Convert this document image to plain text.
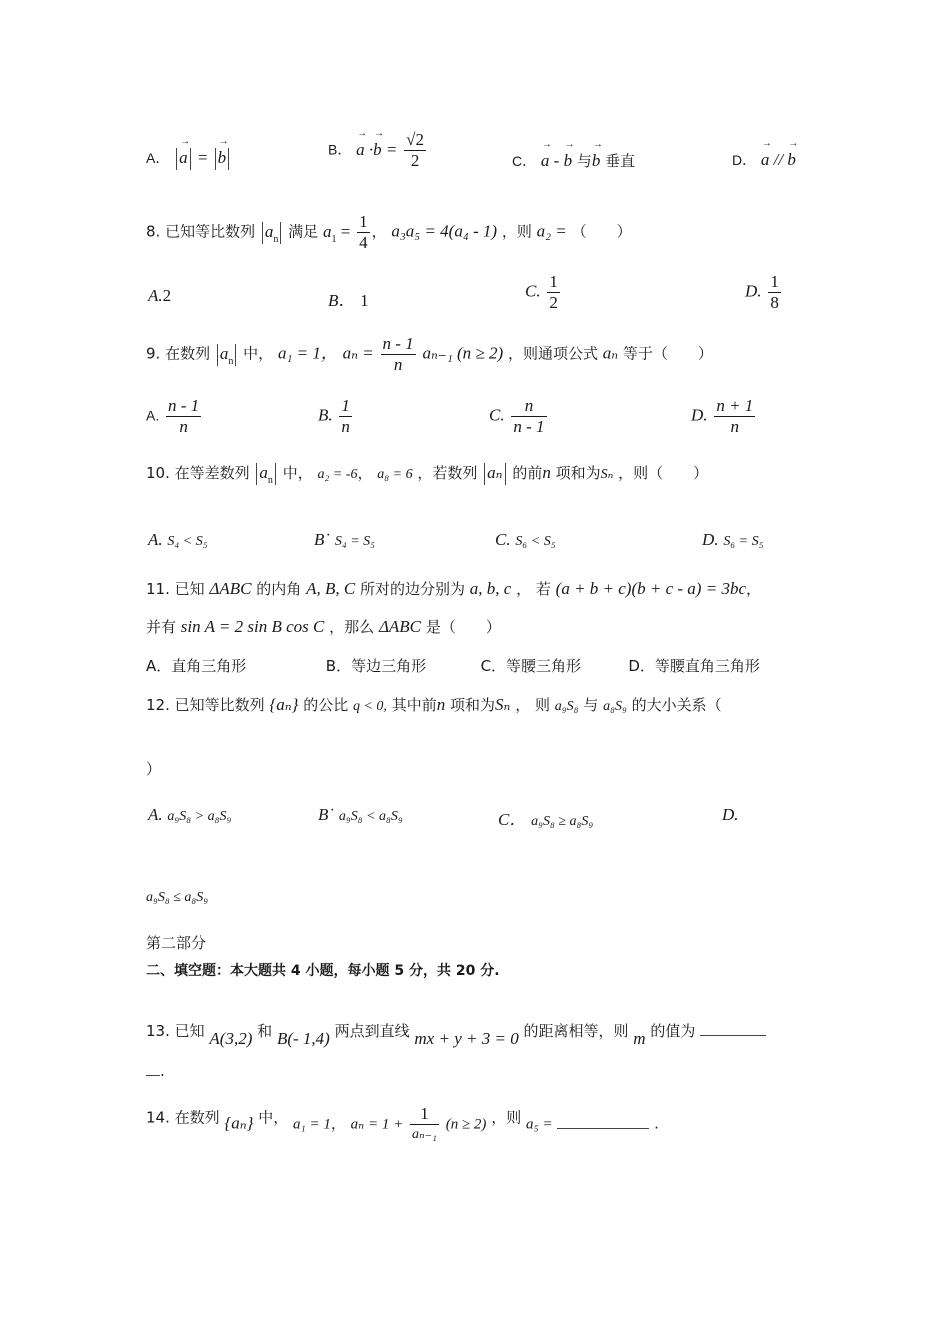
A． → a = → b	B． → $a \cdot\to b = \frac{√2}{2}$	C． → a - → b 与→ b 垂直	D． → a // → b
8. 已知等比数列 $a_n$ 满足 $a_1 = \frac{1}{4}$ ， a₃a₅ = 4(a₄ - 1) ，则 a₂ = （　　）
A.2	B． 1	C. $\frac{1}{2}$	D. $\frac{1}{8}$
9. 在数列 $a_n$ 中， a₁ = 1， $a_n = \frac{n - 1}{n} a_{n-1}$ (n ≥ 2) ，则通项公式 aₙ 等于（　　）
A. $\frac{n - 1}{n}$	B. $\frac{1}{n}$	C. $\frac{n}{n - 1}$	D. $\frac{n + 1}{n}$
10. 在等差数列 $a_n$ 中， a₂ = -6， a₈ = 6 ，若数列 aₙ 的前n 项和为Sₙ ，则（　　）
A. S₄ < S₅	B˙ S₄ = S₅	C. S₆ < S₅	D. S₆ = S₅
11. 已知 ΔABC 的内角 A, B, C 所对的边分别为 a, b, c ， 若 (a + b + c)(b + c - a) = 3bc，
并有 sin A = 2 sin B cos C ，那么 ΔABC 是（　　）
A．直角三角形	B．等边三角形	C．等腰三角形	D．等腰直角三角形
12. 已知等比数列 {aₙ} 的公比 q < 0, 其中前n 项和为Sₙ ， 则 a₉S₈ 与 a₈S₉ 的大小关系（
）
A. a₉S₈ > a₈S₉	B˙ a₉S₈ < a₈S₉	C． a₉S₈ ≥ a₈S₉	D.
a₉S₈ ≤ a₈S₉
第二部分
二、填空题：本大题共 4 小题，每小题 5 分，共 20 分.
13. 已知 A(3,2) 和 B(- 1,4) 两点到直线 mx + y + 3 = 0 的距离相等，则 m 的值为
.
14. 在数列 {aₙ} 中， a₁ = 1， $a_n = 1 + \frac{1}{\text{aₙ₋₁}} (n \ge 2)$ ，则 a₅ =	.
